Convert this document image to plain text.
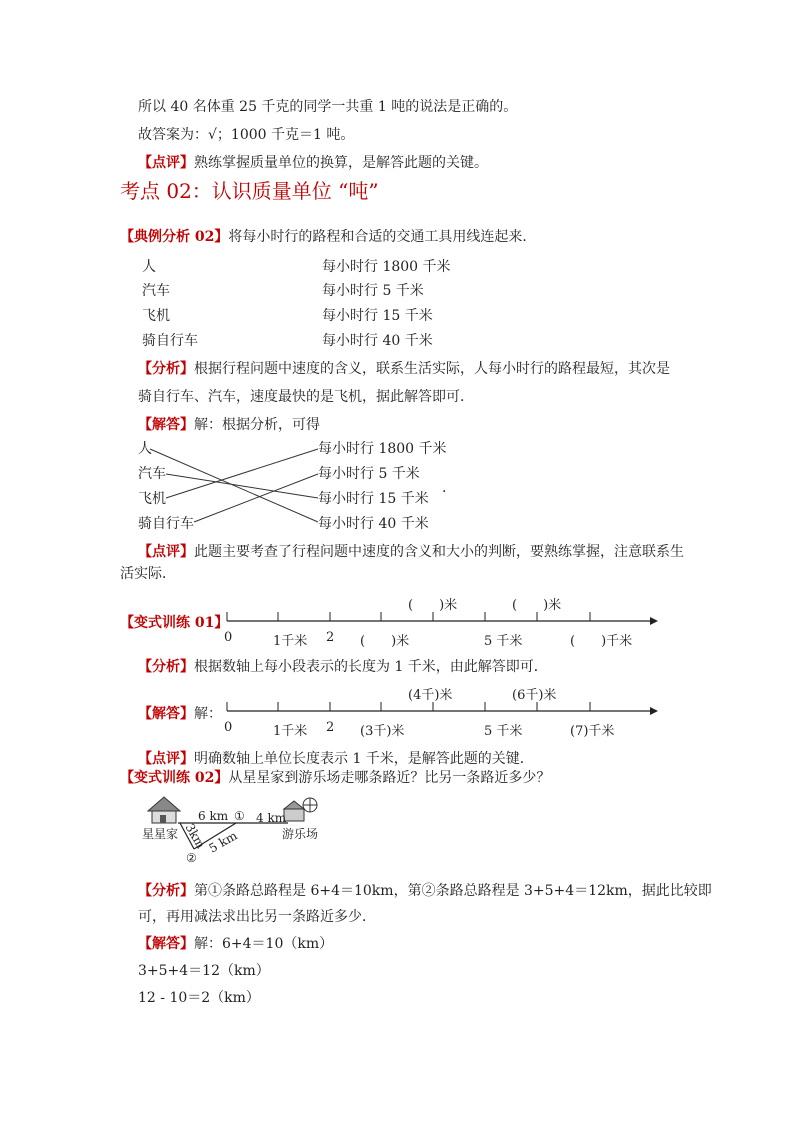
所以 40 名体重 25 千克的同学一共重 1 吨的说法是正确的。
故答案为：√；1000 千克＝1 吨。
【点评】熟练掌握质量单位的换算，是解答此题的关键。
考点 02：认识质量单位 “吨”
【典例分析 02】将每小时行的路程和合适的交通工具用线连起来．
人	每小时行 1800 千米
汽车	每小时行 5 千米
飞机	每小时行 15 千米
骑自行车	每小时行 40 千米
【分析】根据行程问题中速度的含义，联系生活实际，人每小时行的路程最短，其次是
骑自行车、汽车，速度最快的是飞机，据此解答即可．
【解答】解：根据分析，可得
人	每小时行 1800 千米
汽车	每小时行 5 千米
飞机	每小时行 15 千米
骑自行车	每小时行 40 千米
.
【点评】此题主要考查了行程问题中速度的含义和大小的判断，要熟练掌握，注意联系生
活实际．
【变式训练 01】
(　　)米	(　　)米
0	1千米 2 (　　)米	5 千米	(　　)千米
【分析】根据数轴上每小段表示的长度为 1 千米，由此解答即可．
【解答】解：
(4千)米	(6千)米
0	1千米 2 (3千)米	5 千米	(7)千米
【点评】明确数轴上单位长度表示 1 千米，是解答此题的关键．
【变式训练 02】从星星家到游乐场走哪条路近？比另一条路近多少？
6 km ① 4 km
3km
5 km
②
星星家	游乐场
【分析】第①条路总路程是 6+4＝10km，第②条路总路程是 3+5+4＝12km，据此比较即
可，再用减法求出比另一条路近多少．
【解答】解：6+4＝10（km）
3+5+4＝12（km）
12 - 10＝2（km）
